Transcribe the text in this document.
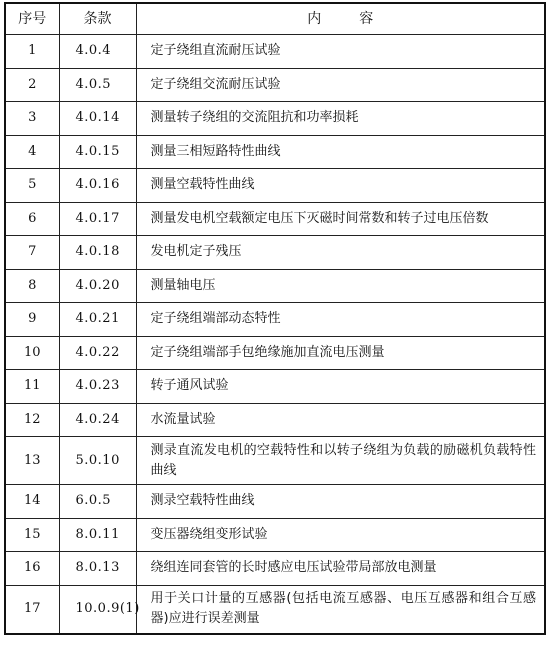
序号	条款	内容
1	4.0.4	定子绕组直流耐压试验
2	4.0.5	定子绕组交流耐压试验
3	4.0.14	测量转子绕组的交流阻抗和功率损耗
4	4.0.15	测量三相短路特性曲线
5	4.0.16	测量空载特性曲线
6	4.0.17	测量发电机空载额定电压下灭磁时间常数和转子过电压倍数
7	4.0.18	发电机定子残压
8	4.0.20	测量轴电压
9	4.0.21	定子绕组端部动态特性
10	4.0.22	定子绕组端部手包绝缘施加直流电压测量
11	4.0.23	转子通风试验
12	4.0.24	水流量试验
13	5.0.10	测录直流发电机的空载特性和以转子绕组为负载的励磁机负载特性曲线
14	6.0.5	测录空载特性曲线
15	8.0.11	变压器绕组变形试验
16	8.0.13	绕组连同套管的长时感应电压试验带局部放电测量
17	10.0.9(1)	用于关口计量的互感器(包括电流互感器、电压互感器和组合互感器)应进行误差测量
